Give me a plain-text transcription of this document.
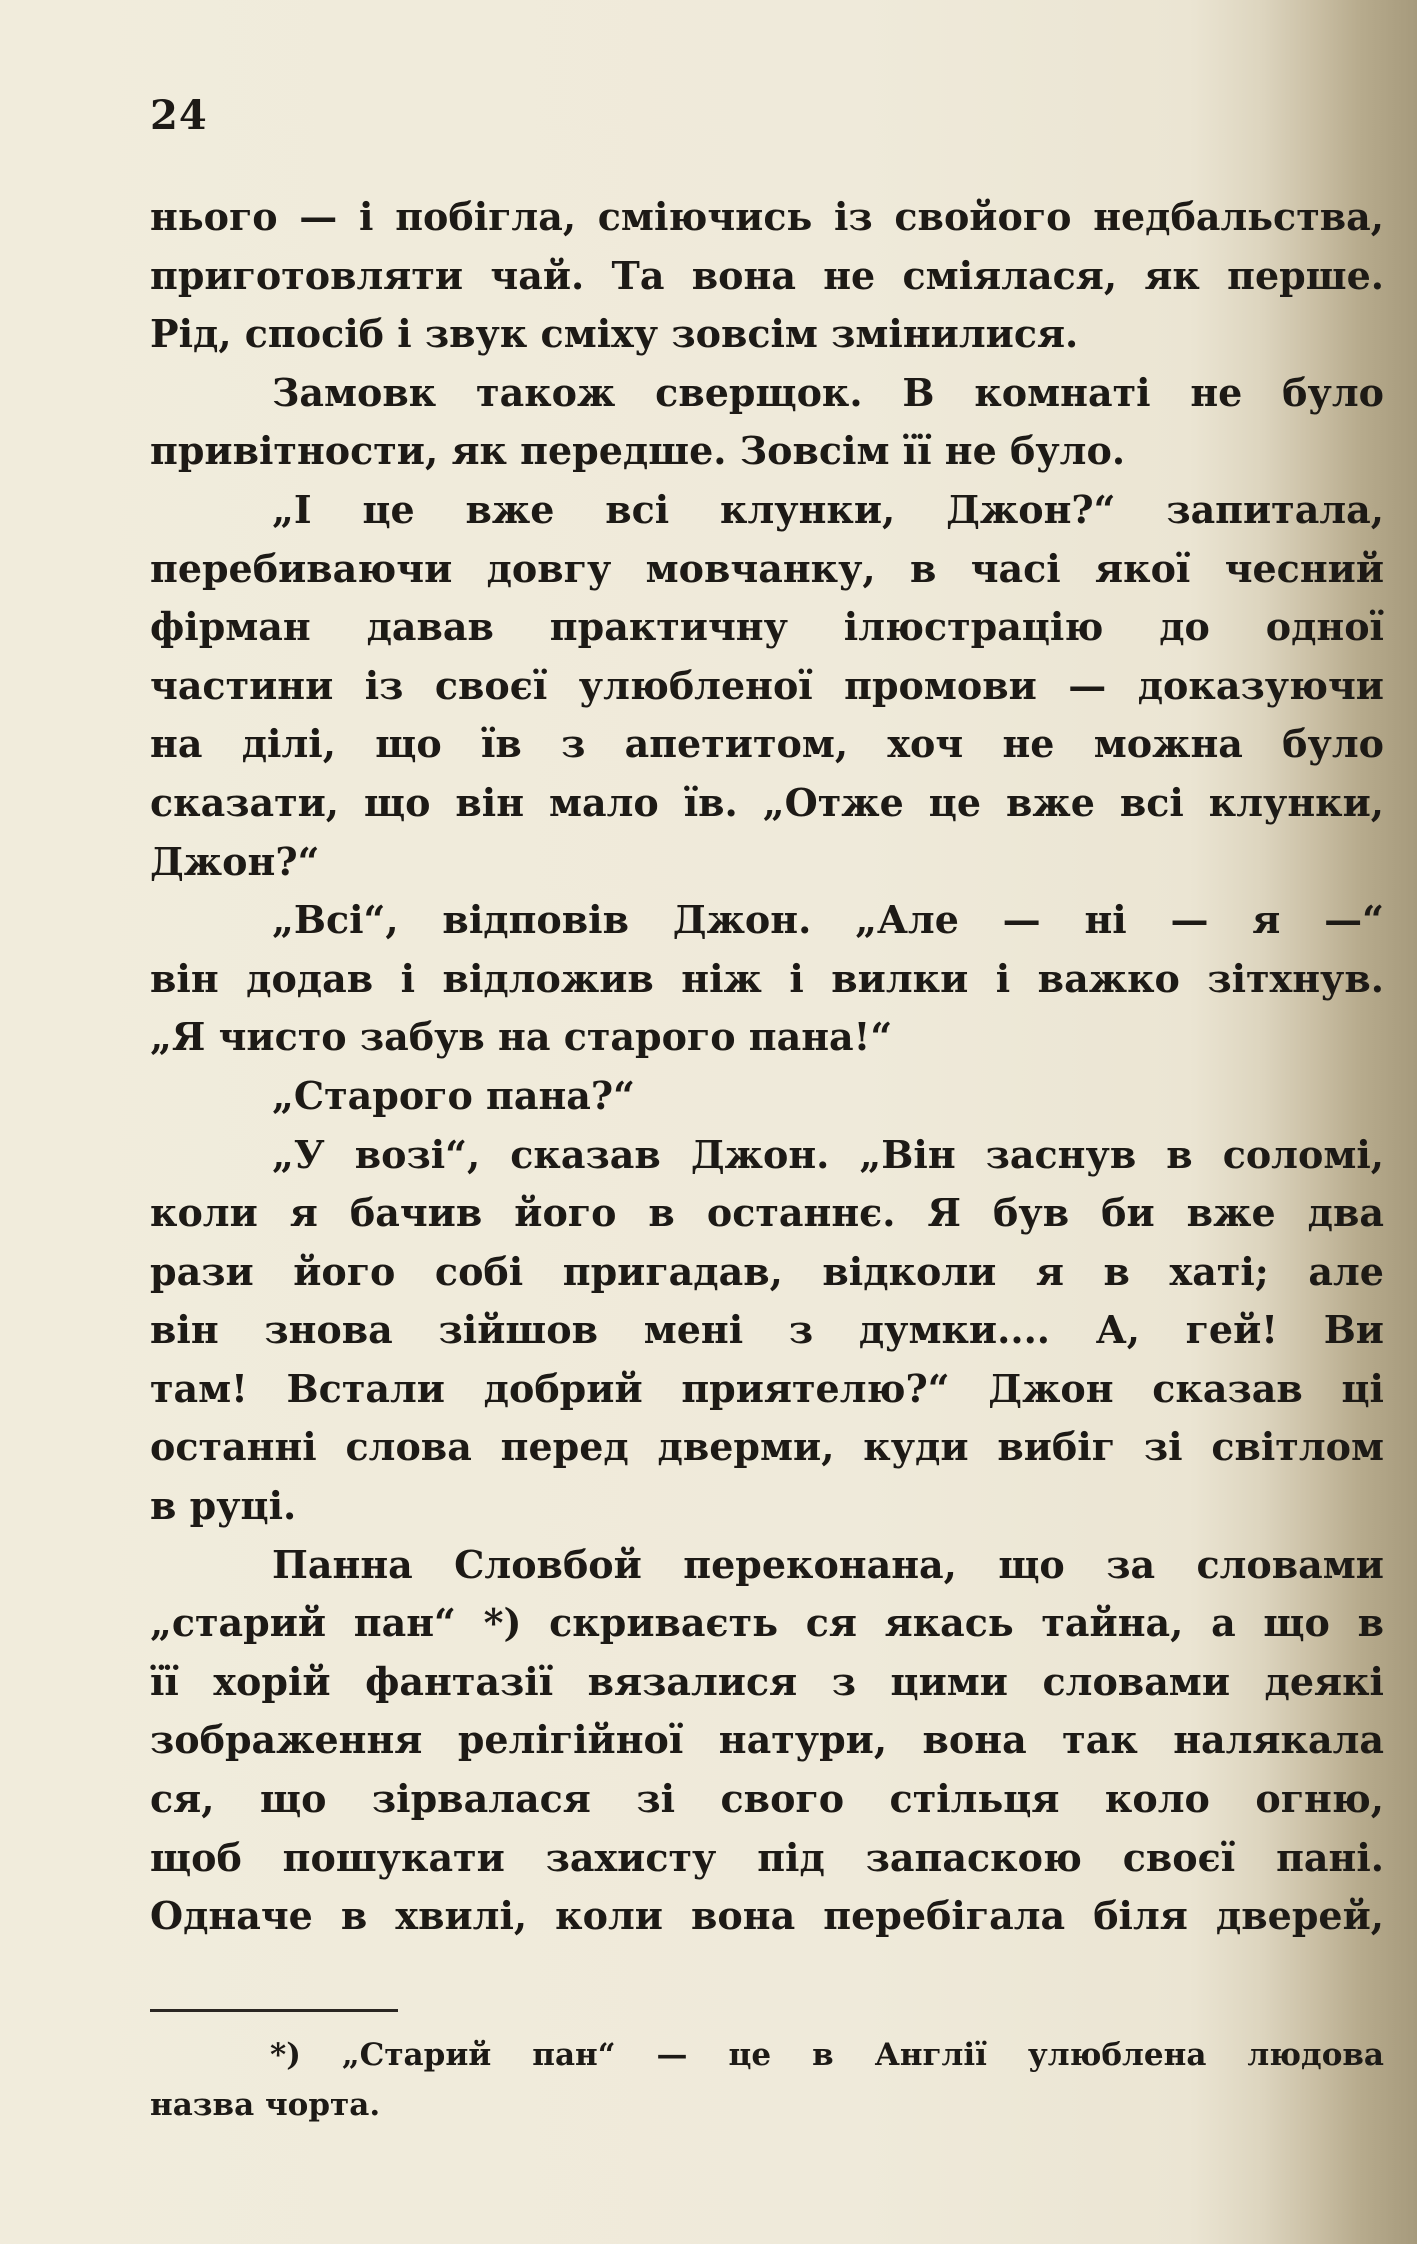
24
нього — і побігла, сміючись із свойого недбальства,
приготовляти чай. Та вона не сміялася, як перше.
Рід, спосіб і звук сміху зовсім змінилися.
Замовк також сверщок. В комнаті не було
привітности, як передше. Зовсім її не було.
„І це вже всі клунки, Джон?“ запитала,
перебиваючи довгу мовчанку, в часі якої чесний
фірман давав практичну ілюстрацію до одної
частини із своєї улюбленої промови — доказуючи
на ділі, що їв з апетитом, хоч не можна було
сказати, що він мало їв. „Отже це вже всі клунки,
Джон?“
„Всі“, відповів Джон. „Але — ні — я —“
він додав і відложив ніж і вилки і важко зітхнув.
„Я чисто забув на старого пана!“
„Старого пана?“
„У возі“, сказав Джон. „Він заснув в соломі,
коли я бачив його в останнє. Я був би вже два
рази його собі пригадав, відколи я в хаті; але
він знова зійшов мені з думки.... А, гей! Ви
там! Встали добрий приятелю?“ Джон сказав ці
останні слова перед дверми, куди вибіг зі світлом
в руці.
Панна Словбой переконана, що за словами
„старий пан“ *) скриваєть ся якась тайна, а що в
її хорій фантазії вязалися з цими словами деякі
зображення релігійної натури, вона так налякала
ся, що зірвалася зі свого стільця коло огню,
щоб пошукати захисту під запаскою своєї пані.
Одначе в хвилі, коли вона перебігала біля дверей,
*) „Старий пан“ — це в Англії улюблена людова
назва чорта.
